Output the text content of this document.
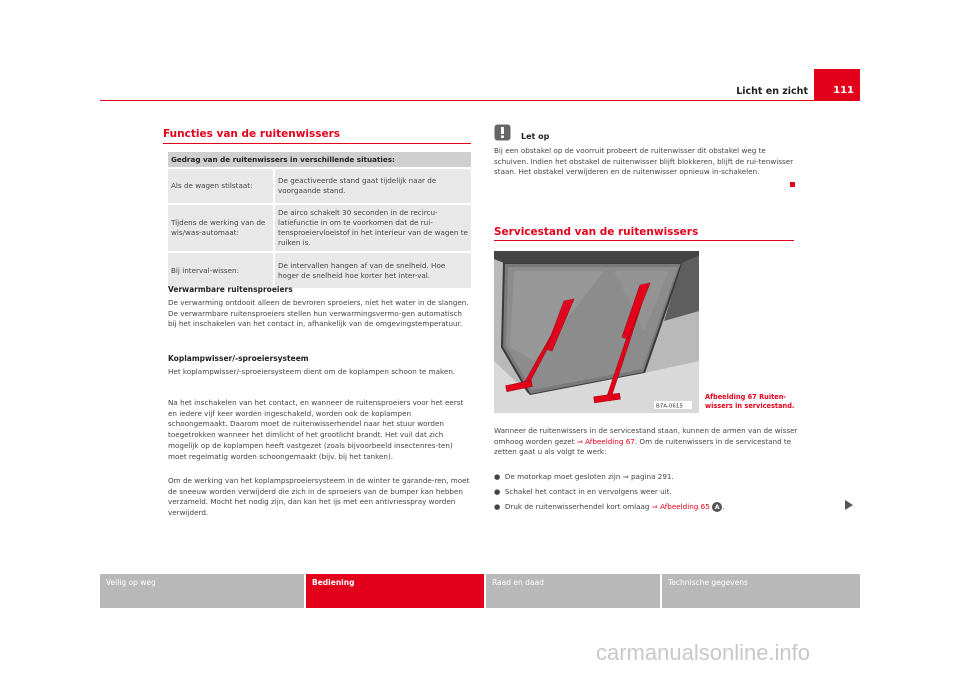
Licht en zicht	111
Functies van de ruitenwissers
Gedrag van de ruitenwissers in verschillende situaties:	
Als de wagen stilstaat:	De geactiveerde stand gaat tijdelijk naar de voorgaande stand.
Tijdens de werking van de wis/was-automaat:	De airco schakelt 30 seconden in de recircu-latiefunctie in om te voorkomen dat de rui-tensproeiervloeistof in het interieur van de wagen te ruiken is.
Bij interval-wissen:	De intervallen hangen af van de snelheid. Hoe hoger de snelheid hoe korter het inter-val.
Verwarmbare ruitensproeiers
De verwarming ontdooit alleen de bevroren sproeiers, niet het water in de slangen. De verwarmbare ruitensproeiers stellen hun verwarmingsvermo-gen automatisch bij het inschakelen van het contact in, afhankelijk van de omgevingstemperatuur.
Koplampwisser/-sproeiersysteem
Het koplampwisser/-sproeiersysteem dient om de koplampen schoon te maken.
Na het inschakelen van het contact, en wanneer de ruitensproeiers voor het eerst en iedere vijf keer worden ingeschakeld, worden ook de koplampen schoongemaakt. Daarom moet de ruitenwisserhendel naar het stuur worden toegetrokken wanneer het dimlicht of het grootlicht brandt. Het vuil dat zich mogelijk op de koplampen heeft vastgezet (zoals bijvoorbeeld insectenres-ten) moet regelmatig worden schoongemaakt (bijv. bij het tanken).
Om de werking van het koplampsproeiersysteem in de winter te garande-ren, moet de sneeuw worden verwijderd die zich in de sproeiers van de bumper kan hebben verzameld. Mocht het nodig zijn, dan kan het ijs met een antivriesspray worden verwijderd.
Let op
Bij een obstakel op de voorruit probeert de ruitenwisser dit obstakel weg te schuiven. Indien het obstakel de ruitenwisser blijft blokkeren, blijft de rui-tenwisser staan. Het obstakel verwijderen en de ruitenwisser opnieuw in-schakelen.
Servicestand van de ruitenwissers
B7A-0615
Afbeelding 67 Ruiten-wissers in servicestand.
Wanneer de ruitenwissers in de servicestand staan, kunnen de armen van de wisser omhoog worden gezet ⇒ Afbeelding 67. Om de ruitenwissers in de servicestand te zetten gaat u als volgt te werk:
● De motorkap moet gesloten zijn ⇒ pagina 291.
● Schakel het contact in en vervolgens weer uit.
● Druk de ruitenwisserhendel kort omlaag ⇒ Afbeelding 65 A .
Veilig op weg	Bediening	Raad en daad	Technische gegevens
carmanualsonline.info
